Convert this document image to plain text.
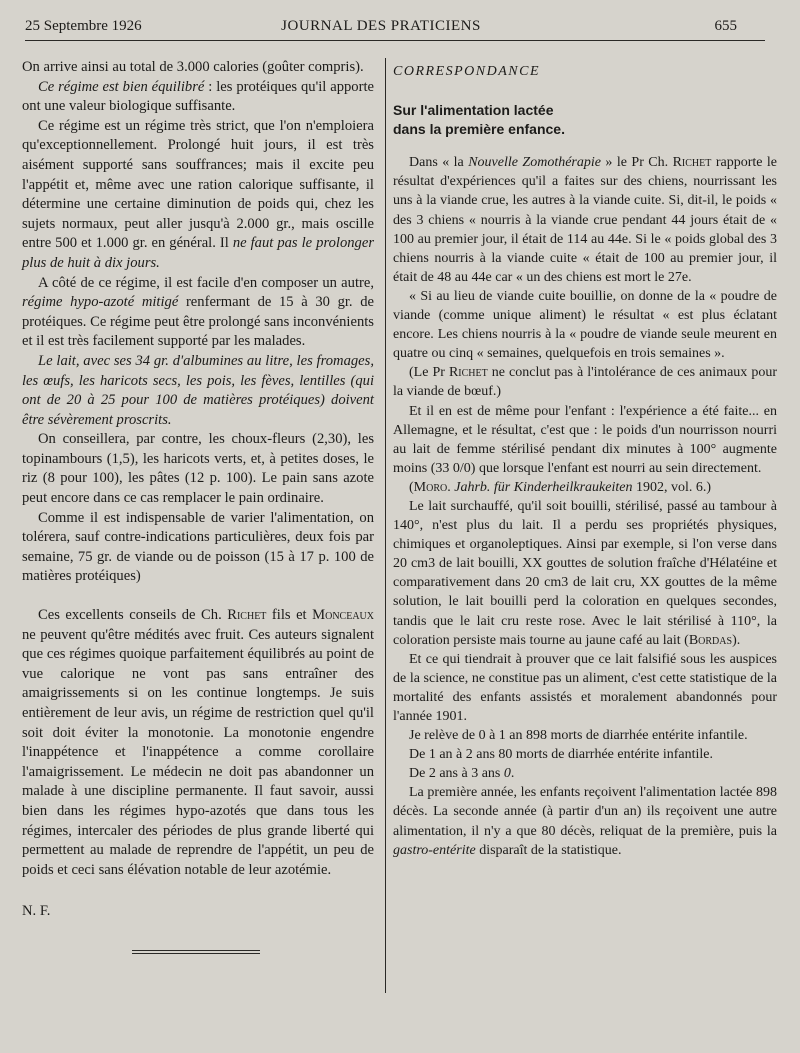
25 Septembre 1926	JOURNAL DES PRATICIENS	655

On arrive ainsi au total de 3.000 calories (goûter compris).

Ce régime est bien équilibré : les protéiques qu'il apporte ont une valeur biologique suffisante.

Ce régime est un régime très strict, que l'on n'emploiera qu'exceptionnellement. Prolongé huit jours, il est très aisément supporté sans souffrances; mais il excite peu l'appétit et, même avec une ration calorique suffisante, il détermine une certaine diminution de poids qui, chez les sujets normaux, peut aller jusqu'à 2.000 gr., mais oscille entre 500 et 1.000 gr. en général. Il ne faut pas le prolonger plus de huit à dix jours.

A côté de ce régime, il est facile d'en composer un autre, régime hypo-azoté mitigé renfermant de 15 à 30 gr. de protéiques. Ce régime peut être prolongé sans inconvénients et il est très facilement supporté par les malades.

Le lait, avec ses 34 gr. d'albumines au litre, les fromages, les œufs, les haricots secs, les pois, les fèves, lentilles (qui ont de 20 à 25 pour 100 de matières protéiques) doivent être sévèrement proscrits.

On conseillera, par contre, les choux-fleurs (2,30), les topinambours (1,5), les haricots verts, et, à petites doses, le riz (8 pour 100), les pâtes (12 p. 100). Le pain sans azote peut encore dans ce cas remplacer le pain ordinaire.

Comme il est indispensable de varier l'alimentation, on tolérera, sauf contre-indications particulières, deux fois par semaine, 75 gr. de viande ou de poisson (15 à 17 p. 100 de matières protéiques)

Ces excellents conseils de Ch. Richet fils et Monceaux ne peuvent qu'être médités avec fruit. Ces auteurs signalent que ces régimes quoique parfaitement équilibrés au point de vue calorique ne vont pas sans entraîner des amaigrissements si on les continue longtemps. Je suis entièrement de leur avis, un régime de restriction quel qu'il soit doit éviter la monotonie. La monotonie engendre l'inappétence et l'inappétence a comme corollaire l'amaigrissement. Le médecin ne doit pas abandonner un malade à une discipline permanente. Il faut savoir, aussi bien dans les régimes hypo-azotés que dans tous les régimes, intercaler des périodes de plus grande liberté qui permettent au malade de reprendre de l'appétit, un peu de poids et ceci sans élévation notable de leur azotémie.

N. F.

CORRESPONDANCE

Sur l'alimentation lactée
dans la première enfance.

Dans « la Nouvelle Zomothérapie » le Pr Ch. Richet rapporte le résultat d'expériences qu'il a faites sur des chiens, nourrissant les uns à la viande crue, les autres à la viande cuite. Si, dit-il, le poids « des 3 chiens « nourris à la viande crue pendant 44 jours était de « 100 au premier jour, il était de 114 au 44e. Si le « poids global des 3 chiens nourris à la viande cuite « était de 100 au premier jour, il était de 48 au 44e car « un des chiens est mort le 27e.

« Si au lieu de viande cuite bouillie, on donne de la « poudre de viande (comme unique aliment) le résultat « est plus éclatant encore. Les chiens nourris à la « poudre de viande seule meurent en quatre ou cinq « semaines, quelquefois en trois semaines ».

(Le Pr Richet ne conclut pas à l'intolérance de ces animaux pour la viande de bœuf.)

Et il en est de même pour l'enfant : l'expérience a été faite... en Allemagne, et le résultat, c'est que : le poids d'un nourrisson nourri au lait de femme stérilisé pendant dix minutes à 100° augmente moins (33 0/0) que lorsque l'enfant est nourri au sein directement.

(Moro. Jahrb. für Kinderheilkraukeiten 1902, vol. 6.)

Le lait surchauffé, qu'il soit bouilli, stérilisé, passé au tambour à 140°, n'est plus du lait. Il a perdu ses propriétés physiques, chimiques et organoleptiques. Ainsi par exemple, si l'on verse dans 20 cm3 de lait bouilli, XX gouttes de solution fraîche d'Hélatéine et comparativement dans 20 cm3 de lait cru, XX gouttes de la même solution, le lait bouilli perd la coloration en quelques secondes, tandis que le lait cru reste rose. Avec le lait stérilisé à 110°, la coloration persiste mais tourne au jaune café au lait (Bordas).

Et ce qui tiendrait à prouver que ce lait falsifié sous les auspices de la science, ne constitue pas un aliment, c'est cette statistique de la mortalité des enfants assistés et moralement abandonnés pour l'année 1901.

Je relève de 0 à 1 an 898 morts de diarrhée entérite infantile.

De 1 an à 2 ans 80 morts de diarrhée entérite infantile.

De 2 ans à 3 ans 0.

La première année, les enfants reçoivent l'alimentation lactée 898 décès. La seconde année (à partir d'un an) ils reçoivent une autre alimentation, il n'y a que 80 décès, reliquat de la première, puis la gastro-entérite disparaît de la statistique.
